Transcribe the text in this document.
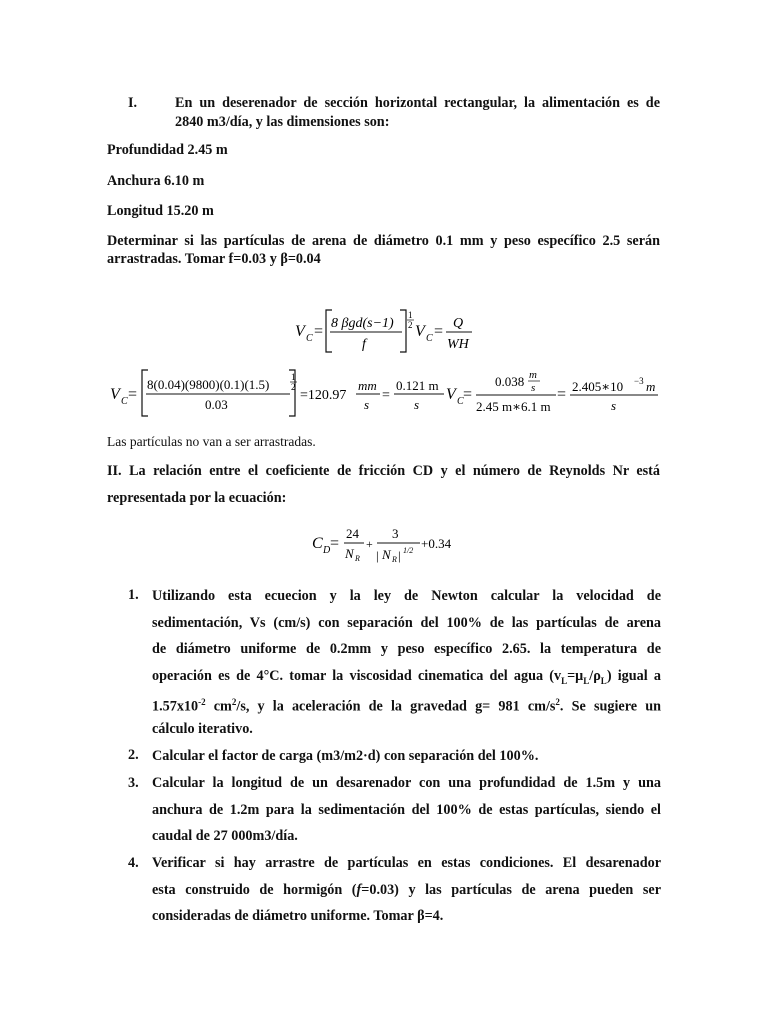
I.	En un deserenador de sección horizontal rectangular, la alimentación es de
2840 m3/día, y las dimensiones son:
Profundidad 2.45 m
Anchura 6.10 m
Longitud 15.20 m
Determinar si las partículas de arena de diámetro 0.1 mm y peso específico 2.5 serán
arrastradas. Tomar f=0.03 y β=0.04
V C = 8 βgd(s−1)
f
1
2 V C = Q
WH
V C =
8(0.04)(9800)(0.1)(1.5)
0.03
1
2
=120.97
mm
s
=
0.121 m
s
V C =
0.038 m
s
2.45 m∗6.1 m
= 2.405∗10 −3 m
s
Las partículas no van a ser arrastradas.
II. La relación entre el coeficiente de fricción CD y el número de Reynolds Nr está
representada por la ecuación:
C D =
24
N R
+
3
| N R | 1/2 +0.34
1. Utilizando esta ecuecion y la ley de Newton calcular la velocidad de
sedimentación, Vs (cm/s) con separación del 100% de las partículas de arena
de diámetro uniforme de 0.2mm y peso específico 2.65. la temperatura de
operación es de 4°C. tomar la viscosidad cinematica del agua $(v_L=\mu_L/\rho_L)$ igual a
$1.57x10^{-2}$ $cm^2/s$, y la aceleración de la gravedad g= 981 $cm/s^2$. Se sugiere un
cálculo iterativo.
2. Calcular el factor de carga (m3/m2·d) con separación del 100%.
3. Calcular la longitud de un desarenador con una profundidad de 1.5m y una
anchura de 1.2m para la sedimentación del 100% de estas partículas, siendo el
caudal de 27 000m3/día.
4. Verificar si hay arrastre de partículas en estas condiciones. El desarenador
esta construido de hormigón (f=0.03) y las partículas de arena pueden ser
consideradas de diámetro uniforme. Tomar β=4.
